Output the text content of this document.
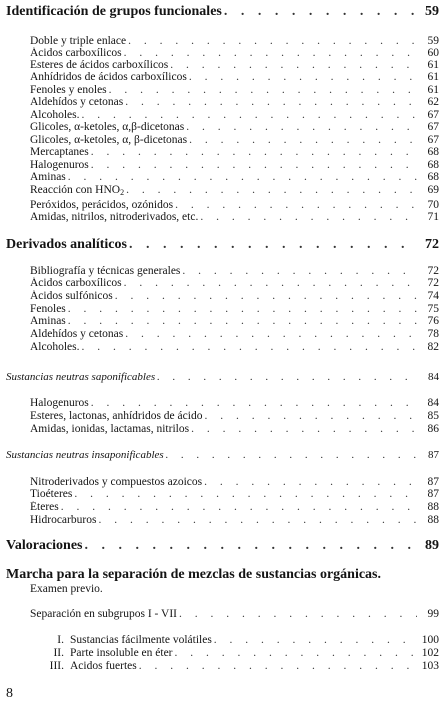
Identificación de grupos funcionales . . .	59
Doble y triple enlace . . .	59
Ácidos carboxílicos . . .	60
Esteres de ácidos carboxílicos . . .	61
Anhídridos de ácidos carboxílicos . . .	61
Fenoles y enoles . . .	61
Aldehídos y cetonas . . .	62
Alcoholes. . . .	67
Glicoles, α-ketoles, α,β-dicetonas . . .	67
Glicoles, α-ketoles, α, β-dicetonas . . .	67
Mercaptanes . . .	68
Halogenuros . . .	68
Aminas . . .	68
Reacción con $HNO_2$ . . .	69
Peróxidos, perácidos, ozónidos . . .	70
Amidas, nitrilos, nitroderivados, etc. . . .	71
Derivados analíticos . . .	72
Bibliografía y técnicas generales . . .	72
Ácidos carboxílicos . . .	72
Ácidos sulfónicos . . .	74
Fenoles . . .	75
Aminas . . .	76
Aldehídos y cetonas . . .	78
Alcoholes. . . .	82
Sustancias neutras saponificables . . .	84
Halogenuros . . .	84
Esteres, lactonas, anhídridos de ácido . . .	85
Amidas, ionidas, lactamas, nitrilos . . .	86
Sustancias neutras insaponificables . . .	87
Nitroderivados y compuestos azoicos . . .	87
Tioéteres . . .	87
Éteres . . .	88
Hidrocarburos . . .	88
Valoraciones . . .	89
Marcha para la separación de mezclas de sustancias orgánicas.
Examen previo.
Separación en subgrupos I - VII . . .	99
I. Sustancias fácilmente volátiles . . .	100
II. Parte insoluble en éter . . .	102
III. Acidos fuertes . . .	103
8
